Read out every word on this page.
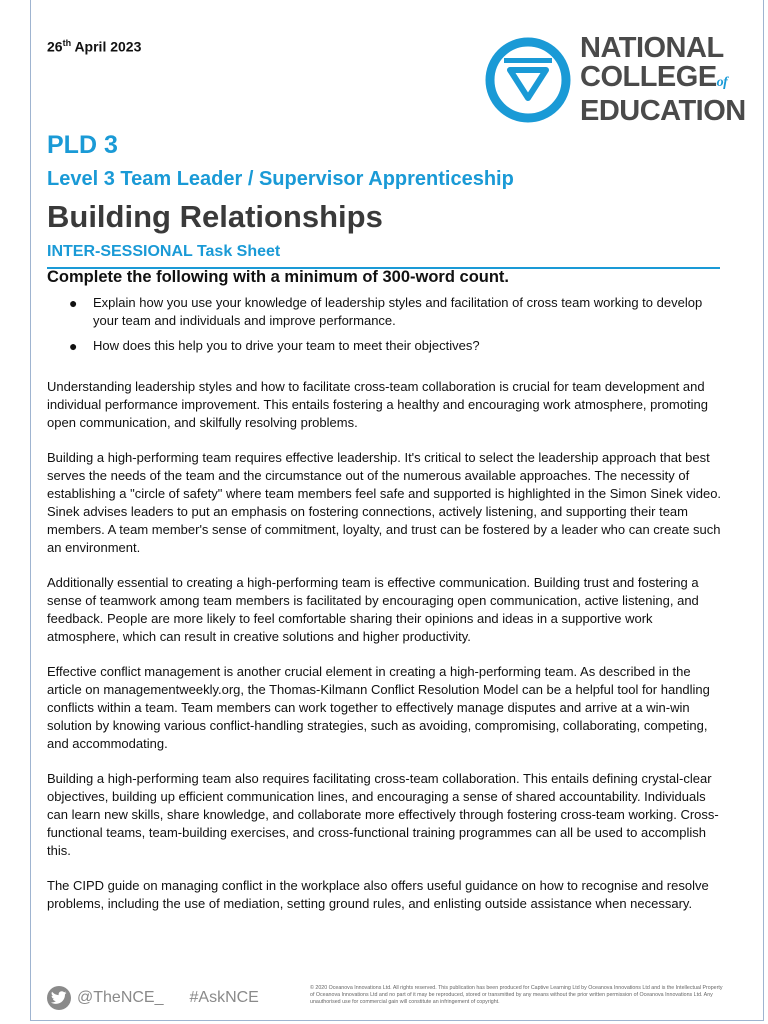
26th April 2023	NATIONAL
COLLEGEof
EDUCATION
PLD 3
Level 3 Team Leader / Supervisor Apprenticeship
Building Relationships
INTER-SESSIONAL Task Sheet
Complete the following with a minimum of 300-word count.
● Explain how you use your knowledge of leadership styles and facilitation of cross team working to develop your team and individuals and improve performance.
● How does this help you to drive your team to meet their objectives?

Understanding leadership styles and how to facilitate cross-team collaboration is crucial for team development and individual performance improvement. This entails fostering a healthy and encouraging work atmosphere, promoting open communication, and skilfully resolving problems.

Building a high-performing team requires effective leadership. It's critical to select the leadership approach that best serves the needs of the team and the circumstance out of the numerous available approaches. The necessity of establishing a "circle of safety" where team members feel safe and supported is highlighted in the Simon Sinek video. Sinek advises leaders to put an emphasis on fostering connections, actively listening, and supporting their team members. A team member's sense of commitment, loyalty, and trust can be fostered by a leader who can create such an environment.

Additionally essential to creating a high-performing team is effective communication. Building trust and fostering a sense of teamwork among team members is facilitated by encouraging open communication, active listening, and feedback. People are more likely to feel comfortable sharing their opinions and ideas in a supportive work atmosphere, which can result in creative solutions and higher productivity.

Effective conflict management is another crucial element in creating a high-performing team. As described in the article on managementweekly.org, the Thomas-Kilmann Conflict Resolution Model can be a helpful tool for handling conflicts within a team. Team members can work together to effectively manage disputes and arrive at a win-win solution by knowing various conflict-handling strategies, such as avoiding, compromising, collaborating, competing, and accommodating.

Building a high-performing team also requires facilitating cross-team collaboration. This entails defining crystal-clear objectives, building up efficient communication lines, and encouraging a sense of shared accountability. Individuals can learn new skills, share knowledge, and collaborate more effectively through fostering cross-team working. Cross-functional teams, team-building exercises, and cross-functional training programmes can all be used to accomplish this.

The CIPD guide on managing conflict in the workplace also offers useful guidance on how to recognise and resolve problems, including the use of mediation, setting ground rules, and enlisting outside assistance when necessary.

@TheNCE_ #AskNCE
© 2020 Oceanova Innovations Ltd. All rights reserved. This publication has been produced for Captive Learning Ltd by Oceanova Innovations Ltd and is the Intellectual Property of Oceanova Innovations Ltd and no part of it may be reproduced, stored or transmitted by any means without the prior written permission of Oceanova Innovations Ltd. Any unauthorised use for commercial gain will constitute an infringement of copyright.
